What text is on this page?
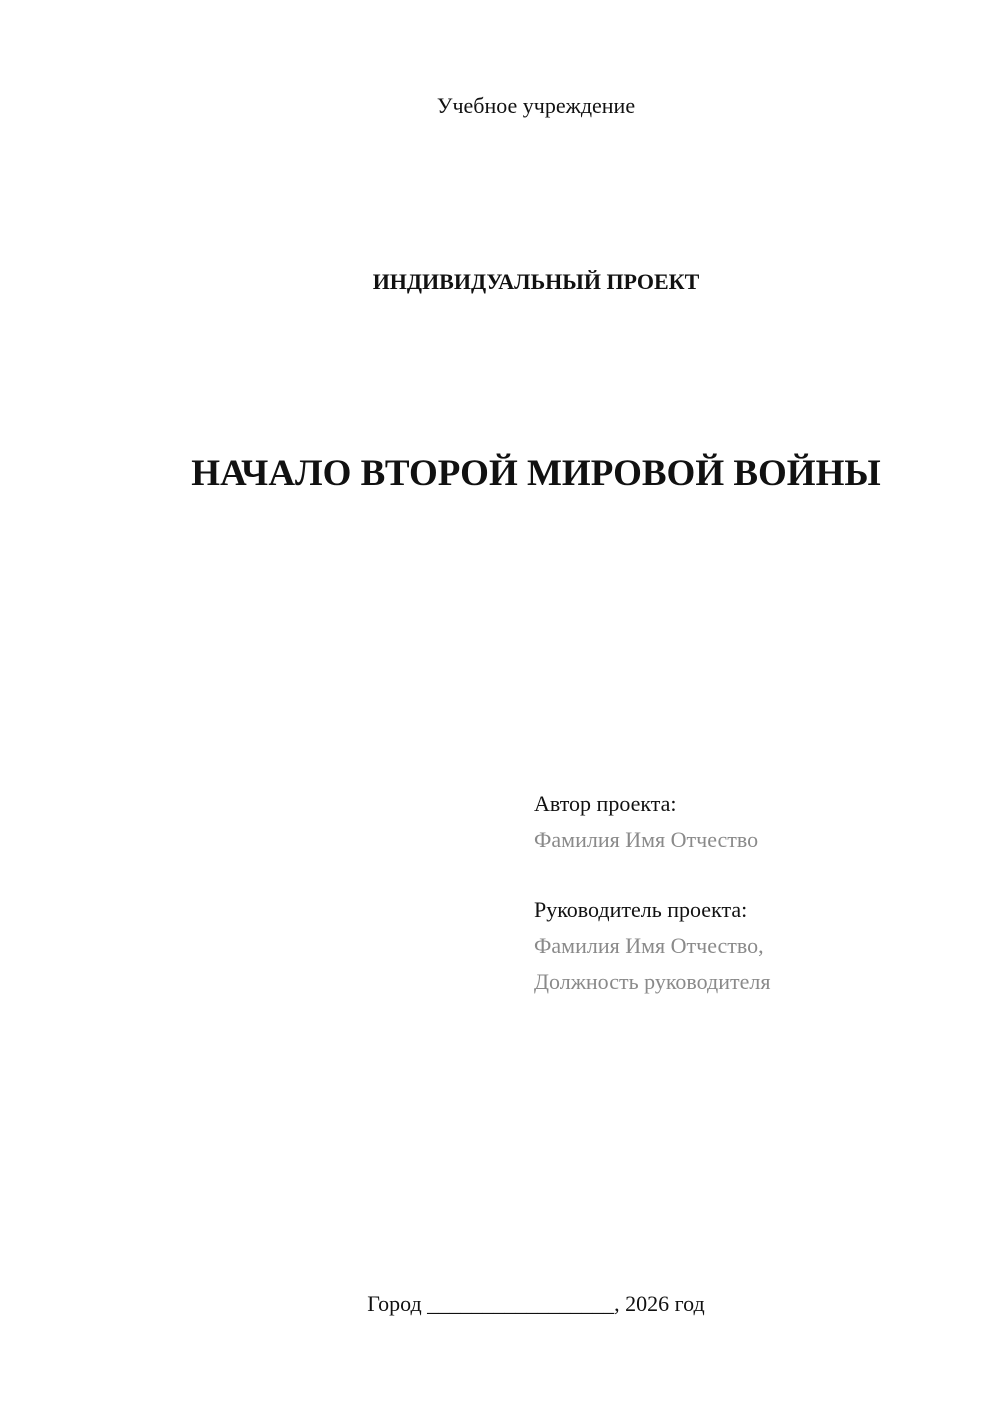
Учебное учреждение
ИНДИВИДУАЛЬНЫЙ ПРОЕКТ
НАЧАЛО ВТОРОЙ МИРОВОЙ ВОЙНЫ
Автор проекта:
Фамилия Имя Отчество
Руководитель проекта:
Фамилия Имя Отчество,
Должность руководителя
Город _________________, 2026 год
